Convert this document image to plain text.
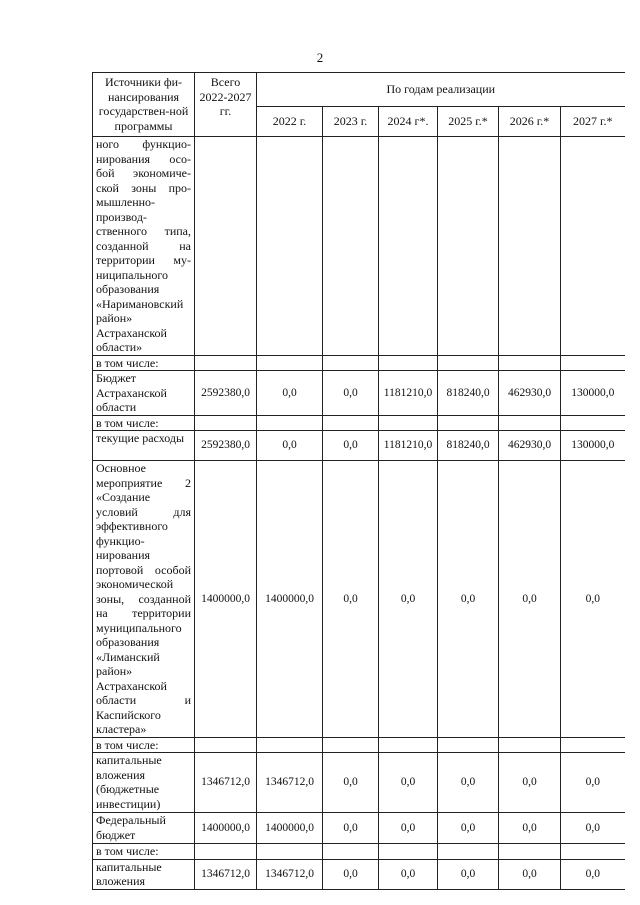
2
Источники фи-нансирования государствен-ной программы	Всего 2022-2027 гг.	По годам реализации					
		2022 г.	2023 г.	2024 г*.	2025 г.*	2026 г.*	2027 г.*
ного функцио-нирования осо-бой экономиче-ской зоны про-мышленно-производ-ственного типа, созданной на территории му-ниципального образования «Наримановский район» Астраханской области»							
в том числе:							
Бюджет Астраханской области	2592380,0	0,0	0,0	1181210,0	818240,0	462930,0	130000,0
в том числе:							
текущие расходы	2592380,0	0,0	0,0	1181210,0	818240,0	462930,0	130000,0
Основное мероприятие 2 «Создание условий для эффективного функцио-нирования портовой особой экономической зоны, созданной на территории муниципального образования «Лиманский район» Астраханской области и Каспийского кластера»	1400000,0	1400000,0	0,0	0,0	0,0	0,0	0,0
в том числе:							
капитальные вложения (бюджетные инвестиции)	1346712,0	1346712,0	0,0	0,0	0,0	0,0	0,0
Федеральный бюджет	1400000,0	1400000,0	0,0	0,0	0,0	0,0	0,0
в том числе:							
капитальные вложения	1346712,0	1346712,0	0,0	0,0	0,0	0,0	0,0
